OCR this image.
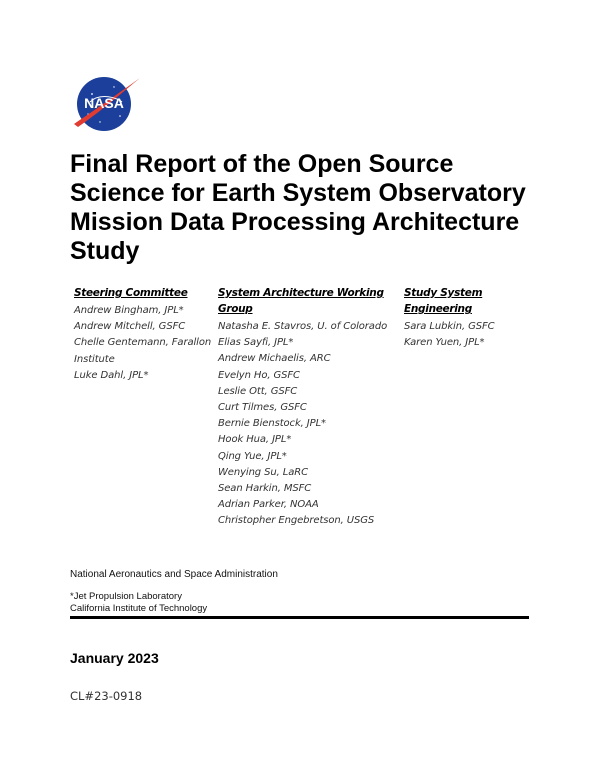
NASA
Final Report of the Open Source Science for Earth System Observatory Mission Data Processing Architecture Study
Steering Committee
Andrew Bingham, JPL*
Andrew Mitchell, GSFC
Chelle Gentemann, Farallon Institute
Luke Dahl, JPL*
System Architecture Working Group
Natasha E. Stavros, U. of Colorado
Elias Sayfi, JPL*
Andrew Michaelis, ARC
Evelyn Ho, GSFC
Leslie Ott, GSFC
Curt Tilmes, GSFC
Bernie Bienstock, JPL*
Hook Hua, JPL*
Qing Yue, JPL*
Wenying Su, LaRC
Sean Harkin, MSFC
Adrian Parker, NOAA
Christopher Engebretson, USGS
Study System Engineering
Sara Lubkin, GSFC
Karen Yuen, JPL*

National Aeronautics and Space Administration

*Jet Propulsion Laboratory
California Institute of Technology

January 2023

CL#23-0918
